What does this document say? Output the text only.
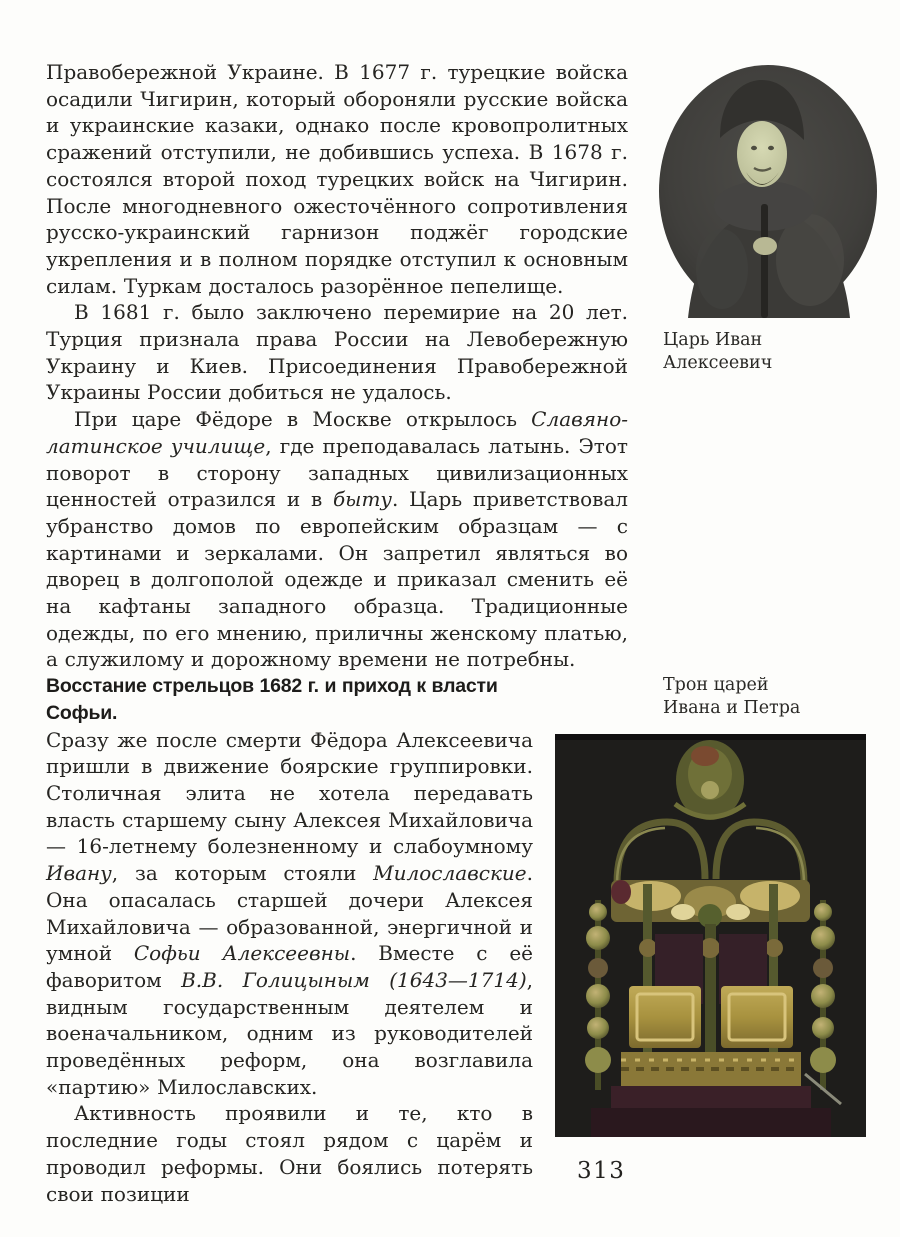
Правобережной Украине. В 1677 г. турецкие войска осадили Чигирин, который обороняли русские войска и украинские казаки, однако после кровопролитных сражений отступили, не добившись успеха. В 1678 г. состоялся второй поход турецких войск на Чигирин. После многодневного ожесточённого сопротивления русско-украинский гарнизон поджёг городские укрепления и в полном порядке отступил к основным силам. Туркам досталось разорённое пепелище.

В 1681 г. было заключено перемирие на 20 лет. Турция признала права России на Левобережную Украину и Киев. Присоединения Правобережной Украины России добиться не удалось.

При царе Фёдоре в Москве открылось Славяно-латинское училище, где преподавалась латынь. Этот поворот в сторону западных цивилизационных ценностей отразился и в быту. Царь приветствовал убранство домов по европейским образцам — с картинами и зеркалами. Он запретил являться во дворец в долгополой одежде и приказал сменить её на кафтаны западного образца. Традиционные одежды, по его мнению, приличны женскому платью, а служилому и дорожному времени не потребны.

Восстание стрельцов 1682 г. и приход к власти Софьи.

Сразу же после смерти Фёдора Алексеевича пришли в движение боярские группировки. Столичная элита не хотела передавать власть старшему сыну Алексея Михайловича — 16-летнему болезненному и слабоумному Ивану, за которым стояли Милославские. Она опасалась старшей дочери Алексея Михайловича — образованной, энергичной и умной Софьи Алексеевны. Вместе с её фаворитом В.В. Голицыным (1643—1714), видным государственным деятелем и военачальником, одним из руководителей проведённых реформ, она возглавила «партию» Милославских.

Активность проявили и те, кто в последние годы стоял рядом с царём и проводил реформы. Они боялись потерять свои позиции

Царь Иван
Алексеевич
Трон царей
Ивана и Петра
313
